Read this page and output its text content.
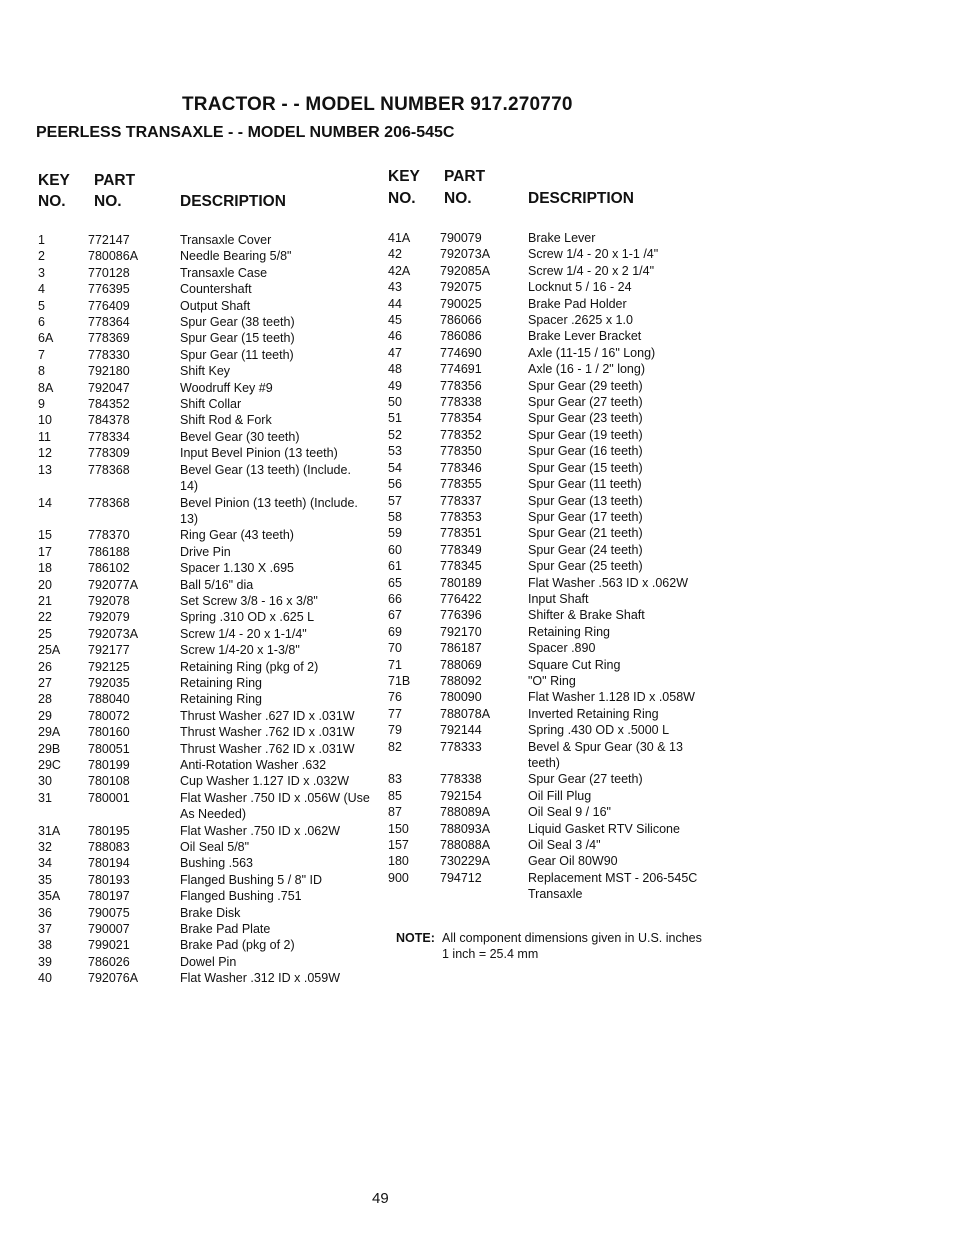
TRACTOR - - MODEL NUMBER 917.270770
PEERLESS TRANSAXLE - - MODEL NUMBER 206-545C
KEY PART
NO. NO.	DESCRIPTION
1	772147	Transaxle Cover
2	780086A	Needle Bearing 5/8"
3	770128	Transaxle Case
4	776395	Countershaft
5	776409	Output Shaft
6	778364	Spur Gear (38 teeth)
6A	778369	Spur Gear (15 teeth)
7	778330	Spur Gear (11 teeth)
8	792180	Shift Key
8A	792047	Woodruff Key #9
9	784352	Shift Collar
10	784378	Shift Rod & Fork
11	778334	Bevel Gear (30 teeth)
12	778309	Input Bevel Pinion (13 teeth)
13	778368	Bevel Gear (13 teeth) (Include. 14)
14	778368	Bevel Pinion (13 teeth) (Include. 13)
15	778370	Ring Gear (43 teeth)
17	786188	Drive Pin
18	786102	Spacer 1.130 X .695
20	792077A	Ball 5/16" dia
21	792078	Set Screw 3/8 - 16 x 3/8"
22	792079	Spring .310 OD x .625 L
25	792073A	Screw 1/4 - 20 x 1-1/4"
25A	792177	Screw 1/4-20 x 1-3/8"
26	792125	Retaining Ring (pkg of 2)
27	792035	Retaining Ring
28	788040	Retaining Ring
29	780072	Thrust Washer .627 ID x .031W
29A	780160	Thrust Washer .762 ID x .031W
29B	780051	Thrust Washer .762 ID x .031W
29C	780199	Anti-Rotation Washer .632
30	780108	Cup Washer 1.127 ID x .032W
31	780001	Flat Washer .750 ID x .056W (Use As Needed)
31A	780195	Flat Washer .750 ID x .062W
32	788083	Oil Seal 5/8"
34	780194	Bushing .563
35	780193	Flanged Bushing 5 / 8" ID
35A	780197	Flanged Bushing .751
36	790075	Brake Disk
37	790007	Brake Pad Plate
38	799021	Brake Pad (pkg of 2)
39	786026	Dowel Pin
40	792076A	Flat Washer .312 ID x .059W
KEY PART
NO. NO.	DESCRIPTION
41A	790079	Brake Lever
42	792073A	Screw 1/4 - 20 x 1-1 /4"
42A	792085A	Screw 1/4 - 20 x 2 1/4"
43	792075	Locknut 5 / 16 - 24
44	790025	Brake Pad Holder
45	786066	Spacer .2625 x 1.0
46	786086	Brake Lever Bracket
47	774690	Axle (11-15 / 16" Long)
48	774691	Axle (16 - 1 / 2" long)
49	778356	Spur Gear (29 teeth)
50	778338	Spur Gear (27 teeth)
51	778354	Spur Gear (23 teeth)
52	778352	Spur Gear (19 teeth)
53	778350	Spur Gear (16 teeth)
54	778346	Spur Gear (15 teeth)
56	778355	Spur Gear (11 teeth)
57	778337	Spur Gear (13 teeth)
58	778353	Spur Gear (17 teeth)
59	778351	Spur Gear (21 teeth)
60	778349	Spur Gear (24 teeth)
61	778345	Spur Gear (25 teeth)
65	780189	Flat Washer .563 ID x .062W
66	776422	Input Shaft
67	776396	Shifter & Brake Shaft
69	792170	Retaining Ring
70	786187	Spacer .890
71	788069	Square Cut Ring
71B	788092	"O" Ring
76	780090	Flat Washer 1.128 ID x .058W
77	788078A	Inverted Retaining Ring
79	792144	Spring .430 OD x .5000 L
82	778333	Bevel & Spur Gear (30 & 13 teeth)
83	778338	Spur Gear (27 teeth)
85	792154	Oil Fill Plug
87	788089A	Oil Seal 9 / 16"
150	788093A	Liquid Gasket RTV Silicone
157	788088A	Oil Seal 3 /4"
180	730229A	Gear Oil 80W90
900	794712	Replacement MST - 206-545C Transaxle
NOTE: All component dimensions given in U.S. inches
1 inch = 25.4 mm
49
